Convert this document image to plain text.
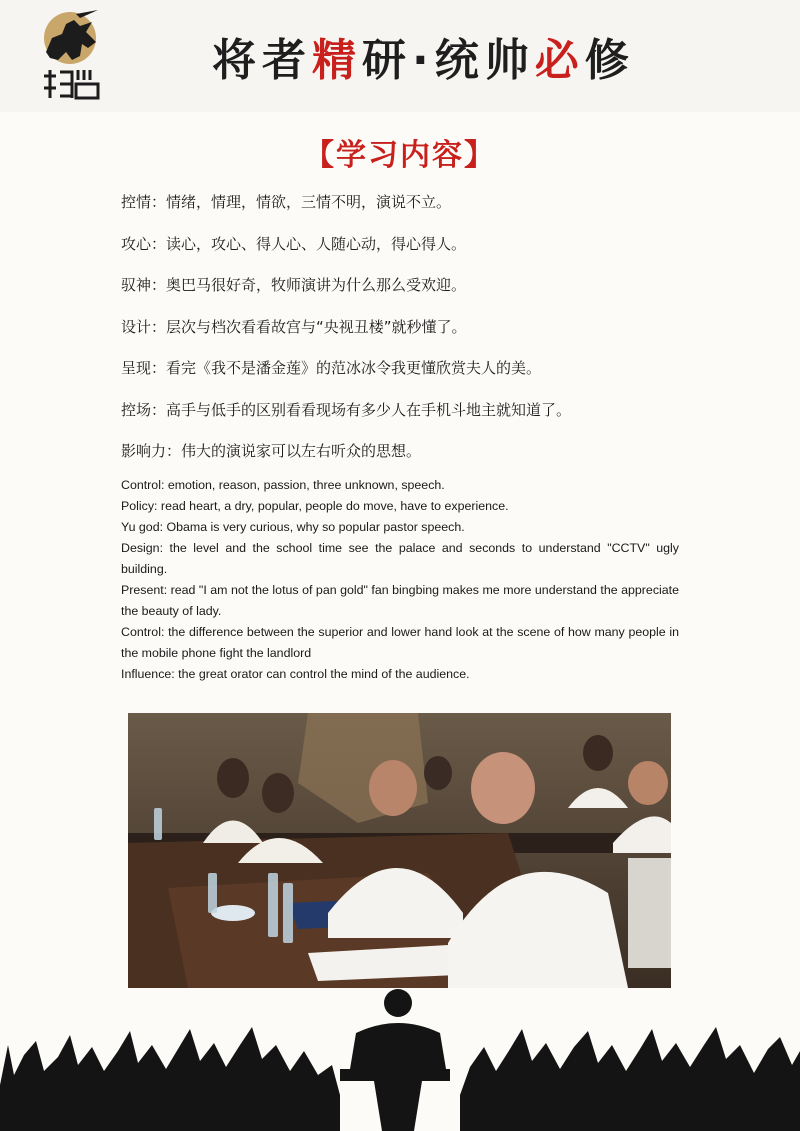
将者精研·统帅必修
【学习内容】
控情：情绪，情理，情欲，三情不明，演说不立。
攻心：读心，攻心、得人心、人随心动，得心得人。
驭神：奥巴马很好奇，牧师演讲为什么那么受欢迎。
设计：层次与档次看看故宫与“央视丑楼”就秒懂了。
呈现：看完《我不是潘金莲》的范冰冰令我更懂欣赏夫人的美。
控场：高手与低手的区别看看现场有多少人在手机斗地主就知道了。
影响力：伟大的演说家可以左右听众的思想。

Control: emotion, reason, passion, three unknown, speech.

Policy: read heart, a dry, popular, people do move, have to experience.

Yu god: Obama is very curious, why so popular pastor speech.

Design: the level and the school time see the palace and seconds to understand "CCTV" ugly building.

Present: read "I am not the lotus of pan gold" fan bingbing makes me more understand the appreciate the beauty of lady.

Control: the difference between the superior and lower hand look at the scene of how many people in the mobile phone fight the landlord

Influence: the great orator can control the mind of the audience.
